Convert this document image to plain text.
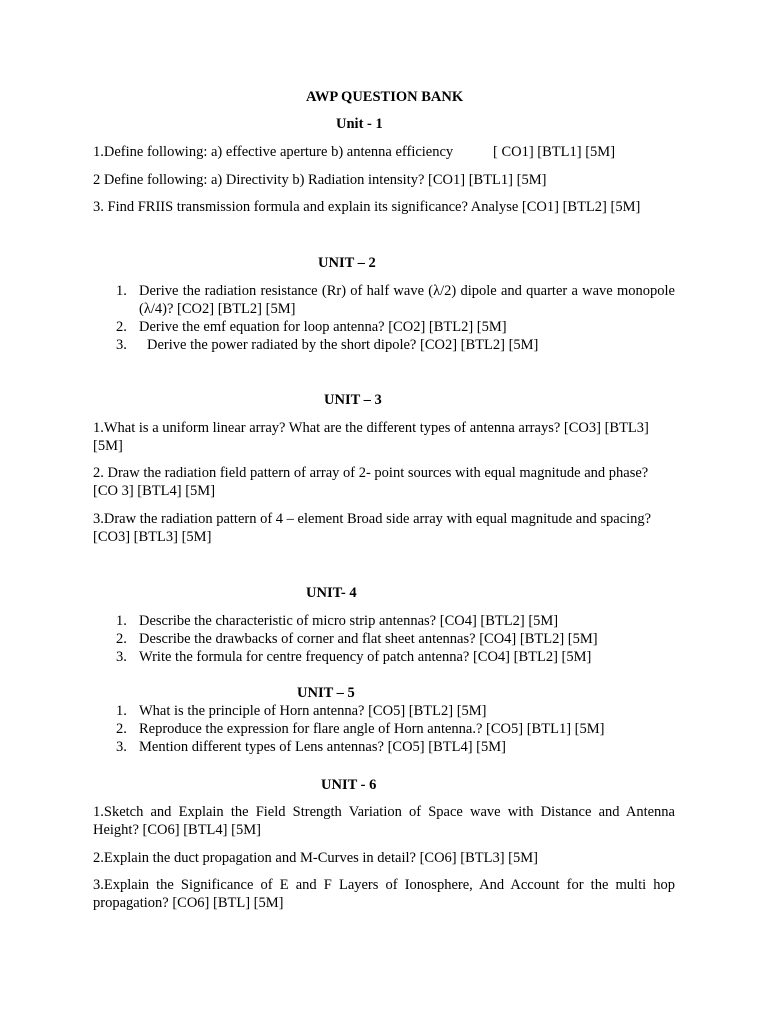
AWP QUESTION BANK
Unit - 1
1.Define following: a) effective aperture b) antenna efficiency	[ CO1] [BTL1] [5M]
2 Define following: a) Directivity b) Radiation intensity? [CO1] [BTL1] [5M]
3. Find FRIIS transmission formula and explain its significance? Analyse [CO1] [BTL2] [5M]
UNIT – 2
1. Derive the radiation resistance (Rr) of half wave (λ/2) dipole and quarter a wave monopole (λ/4)? [CO2] [BTL2] [5M]
2. Derive the emf equation for loop antenna? [CO2] [BTL2] [5M]
3. Derive the power radiated by the short dipole? [CO2] [BTL2] [5M]
UNIT – 3
1.What is a uniform linear array? What are the different types of antenna arrays? [CO3] [BTL3] [5M]
2. Draw the radiation field pattern of array of 2- point sources with equal magnitude and phase? [CO 3] [BTL4] [5M]
3.Draw the radiation pattern of 4 – element Broad side array with equal magnitude and spacing? [CO3] [BTL3] [5M]
UNIT- 4
1. Describe the characteristic of micro strip antennas? [CO4] [BTL2] [5M]
2. Describe the drawbacks of corner and flat sheet antennas? [CO4] [BTL2] [5M]
3. Write the formula for centre frequency of patch antenna? [CO4] [BTL2] [5M]
UNIT – 5
1. What is the principle of Horn antenna? [CO5] [BTL2] [5M]
2. Reproduce the expression for flare angle of Horn antenna.? [CO5] [BTL1] [5M]
3. Mention different types of Lens antennas? [CO5] [BTL4] [5M]
UNIT - 6
1.Sketch and Explain the Field Strength Variation of Space wave with Distance and Antenna Height? [CO6] [BTL4] [5M]
2.Explain the duct propagation and M-Curves in detail? [CO6] [BTL3] [5M]
3.Explain the Significance of E and F Layers of Ionosphere, And Account for the multi hop propagation? [CO6] [BTL] [5M]
